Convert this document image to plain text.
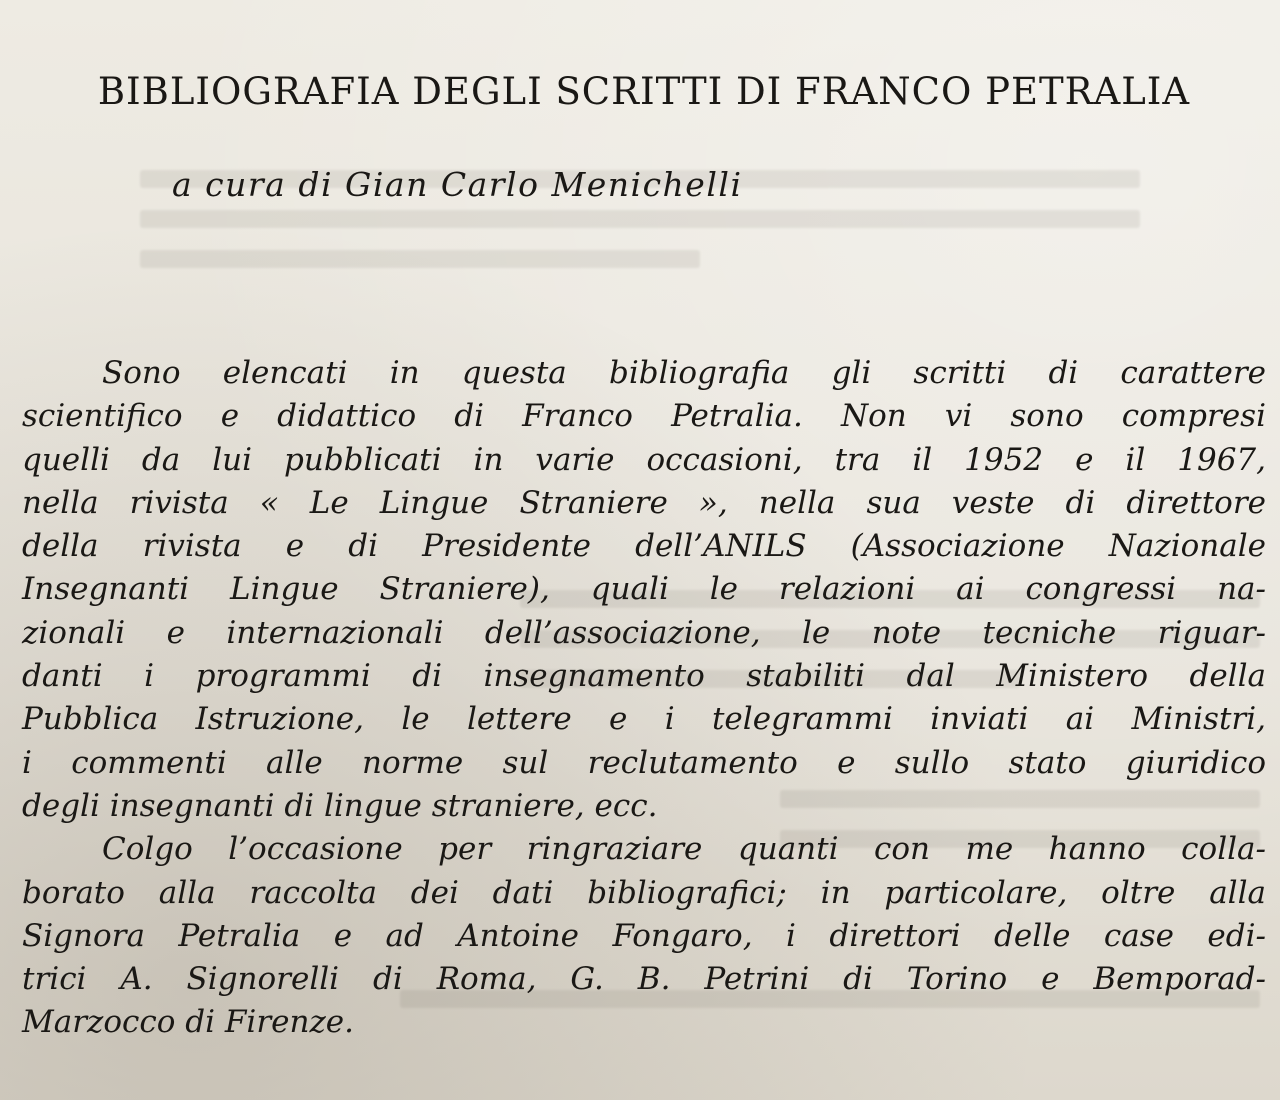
BIBLIOGRAFIA DEGLI SCRITTI DI FRANCO PETRALIA
a cura di Gian Carlo Menichelli
Sono elencati in questa bibliografia gli scritti di carattere
scientifico e didattico di Franco Petralia. Non vi sono compresi
quelli da lui pubblicati in varie occasioni, tra il 1952 e il 1967,
nella rivista « Le Lingue Straniere », nella sua veste di direttore
della rivista e di Presidente dell’ANILS (Associazione Nazionale
Insegnanti Lingue Straniere), quali le relazioni ai congressi na-
zionali e internazionali dell’associazione, le note tecniche riguar-
danti i programmi di insegnamento stabiliti dal Ministero della
Pubblica Istruzione, le lettere e i telegrammi inviati ai Ministri,
i commenti alle norme sul reclutamento e sullo stato giuridico
degli insegnanti di lingue straniere, ecc.
Colgo l’occasione per ringraziare quanti con me hanno colla-
borato alla raccolta dei dati bibliografici; in particolare, oltre alla
Signora Petralia e ad Antoine Fongaro, i direttori delle case edi-
trici A. Signorelli di Roma, G. B. Petrini di Torino e Bemporad-
Marzocco di Firenze.
